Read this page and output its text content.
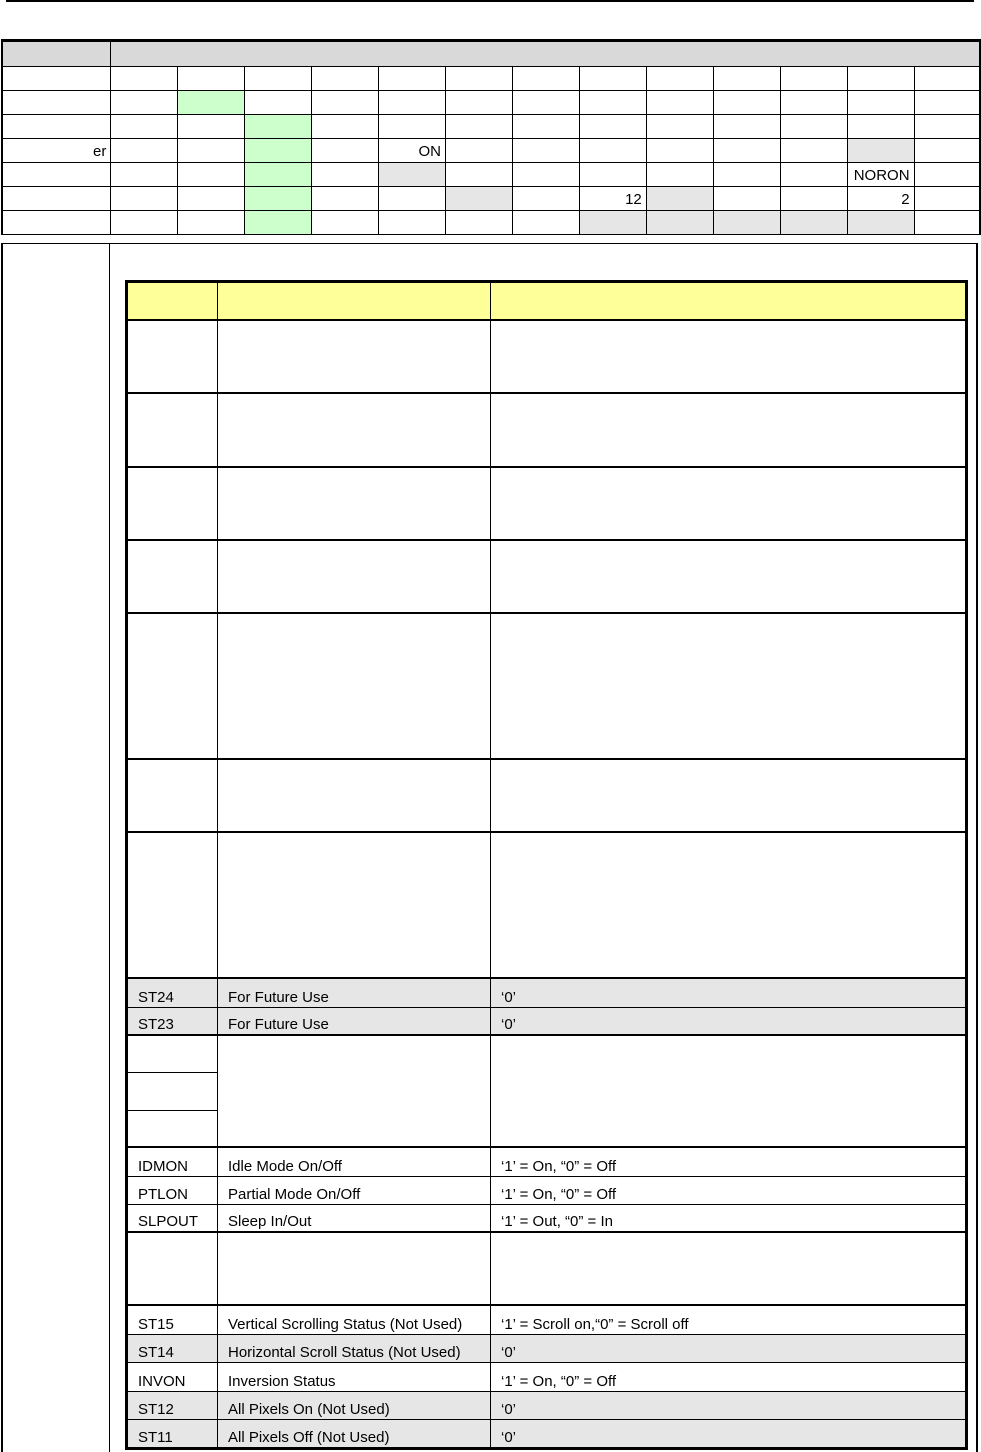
er					ON								
												NORON	
								12				2	

ST24	For Future Use	‘0’
ST23	For Future Use	‘0’

IDMON	Idle Mode On/Off	‘1’ = On, “0” = Off
PTLON	Partial Mode On/Off	‘1’ = On, “0” = Off
SLPOUT	Sleep In/Out	‘1’ = Out, “0” = In

ST15	Vertical Scrolling Status (Not Used)	‘1’ = Scroll on,“0” = Scroll off
ST14	Horizontal Scroll Status (Not Used)	‘0’
INVON	Inversion Status	‘1’ = On, “0” = Off
ST12	All Pixels On (Not Used)	‘0’
ST11	All Pixels Off (Not Used)	‘0’
